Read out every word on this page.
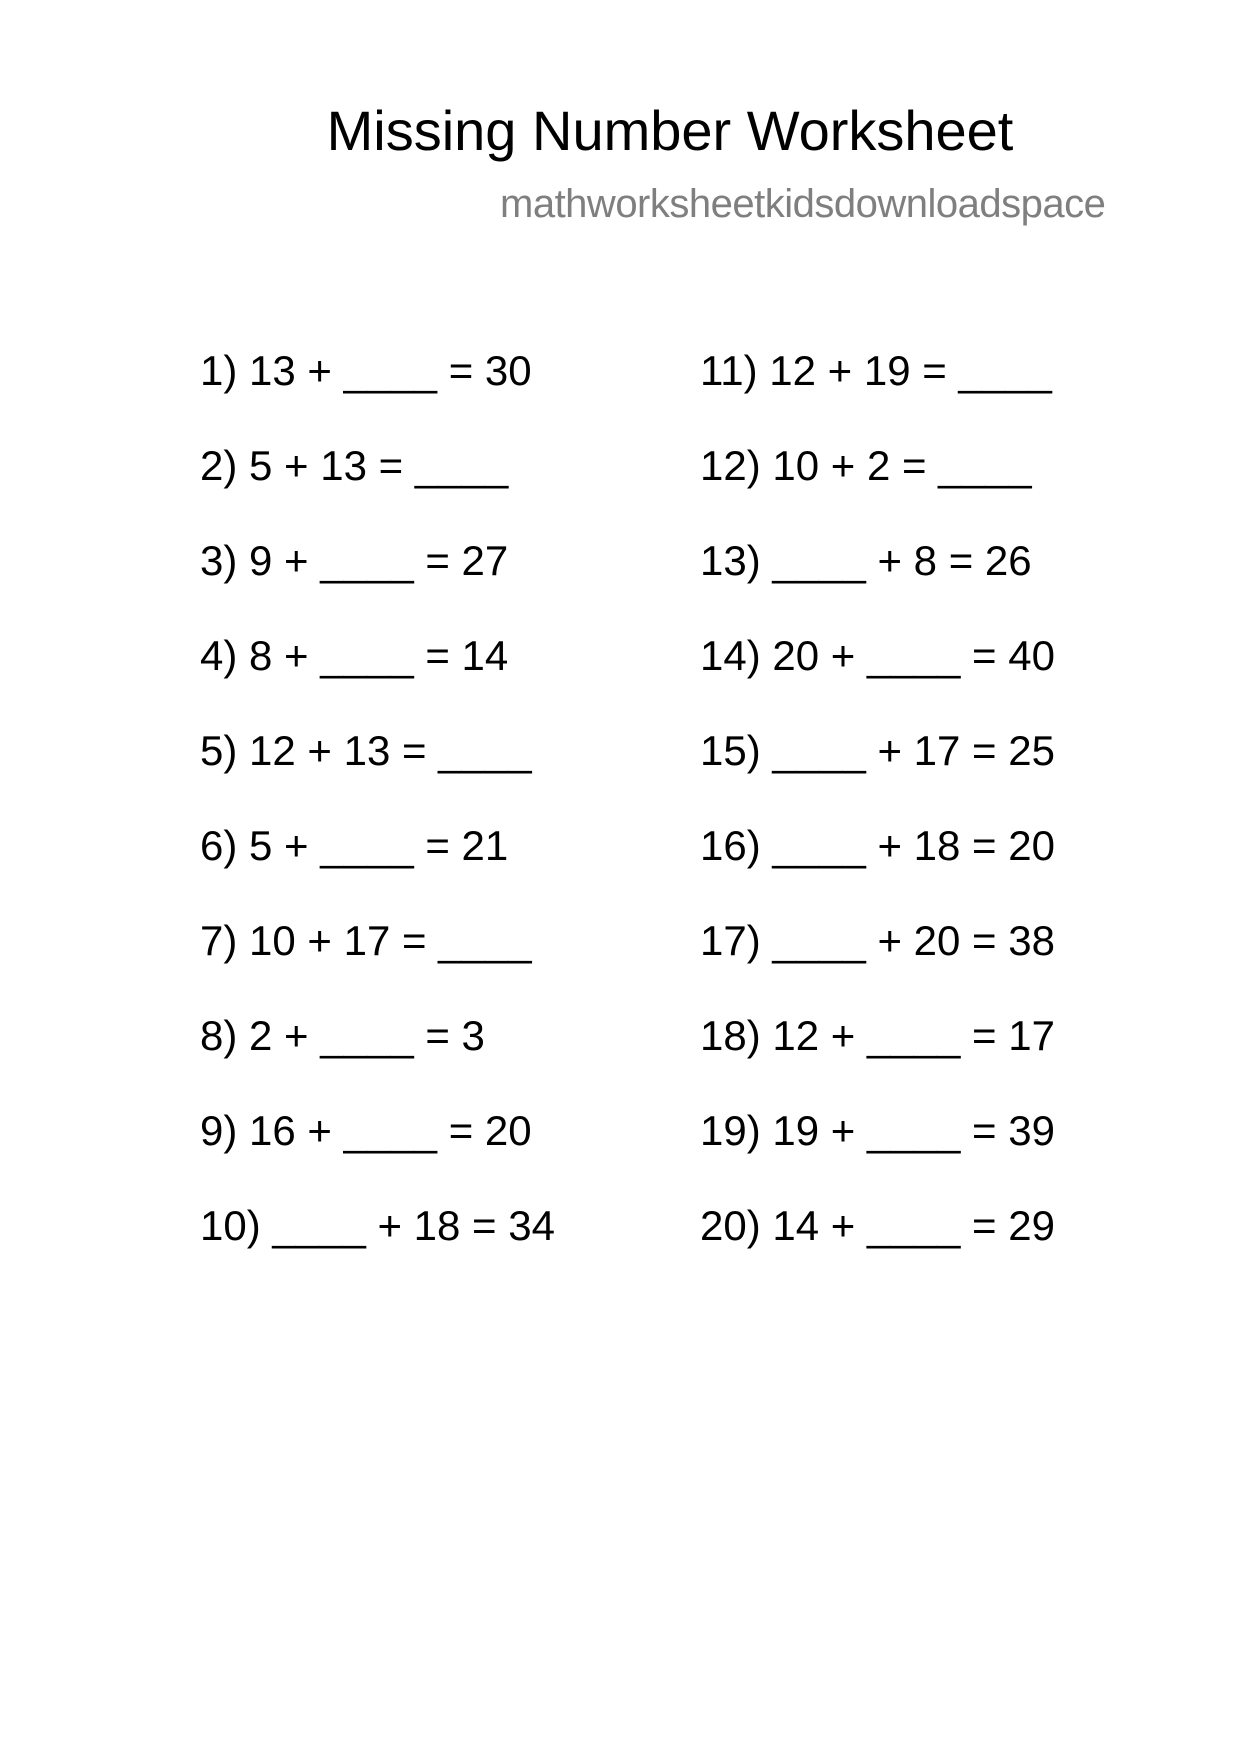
Missing Number Worksheet
mathworksheetkidsdownloadspace
1) 13 + ____ = 30
2) 5 + 13 = ____
3) 9 + ____ = 27
4) 8 + ____ = 14
5) 12 + 13 = ____
6) 5 + ____ = 21
7) 10 + 17 = ____
8) 2 + ____ = 3
9) 16 + ____ = 20
10) ____ + 18 = 34
11) 12 + 19 = ____
12) 10 + 2 = ____
13) ____ + 8 = 26
14) 20 + ____ = 40
15) ____ + 17 = 25
16) ____ + 18 = 20
17) ____ + 20 = 38
18) 12 + ____ = 17
19) 19 + ____ = 39
20) 14 + ____ = 29
